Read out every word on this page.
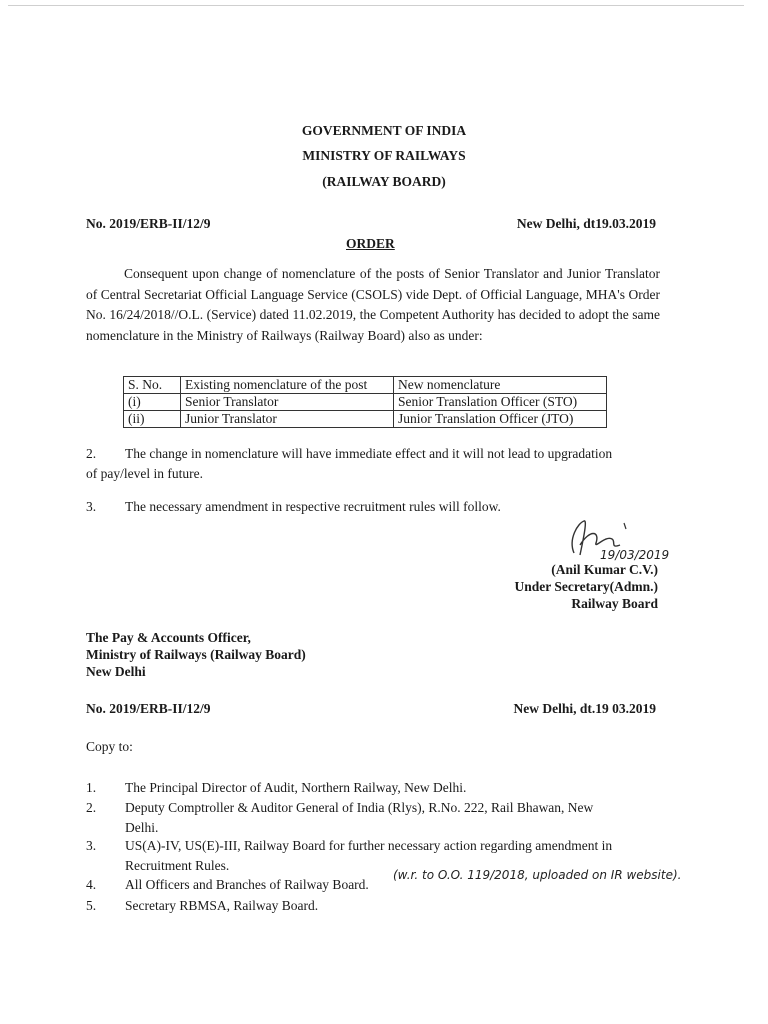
GOVERNMENT OF INDIA
MINISTRY OF RAILWAYS
(RAILWAY BOARD)
No. 2019/ERB-II/12/9	New Delhi, dt19.03.2019
ORDER
Consequent upon change of nomenclature of the posts of Senior Translator and Junior Translator of Central Secretariat Official Language Service (CSOLS) vide Dept. of Official Language, MHA's Order No. 16/24/2018//O.L. (Service) dated 11.02.2019, the Competent Authority has decided to adopt the same nomenclature in the Ministry of Railways (Railway Board) also as under:
S. No.	Existing nomenclature of the post	New nomenclature
(i)	Senior Translator	Senior Translation Officer (STO)
(ii)	Junior Translator	Junior Translation Officer (JTO)
2. The change in nomenclature will have immediate effect and it will not lead to upgradation
of pay/level in future.
3. The necessary amendment in respective recruitment rules will follow.
19/03/2019
(Anil Kumar C.V.)
Under Secretary(Admn.)
Railway Board
The Pay & Accounts Officer,
Ministry of Railways (Railway Board)
New Delhi
No. 2019/ERB-II/12/9	New Delhi, dt.19 03.2019
Copy to:
1. The Principal Director of Audit, Northern Railway, New Delhi.
2. Deputy Comptroller & Auditor General of India (Rlys), R.No. 222, Rail Bhawan, New
Delhi.
3. US(A)-IV, US(E)-III, Railway Board for further necessary action regarding amendment in
Recruitment Rules.
4. All Officers and Branches of Railway Board.
(w.r. to O.O. 119/2018, uploaded on IR website).
5. Secretary RBMSA, Railway Board.
